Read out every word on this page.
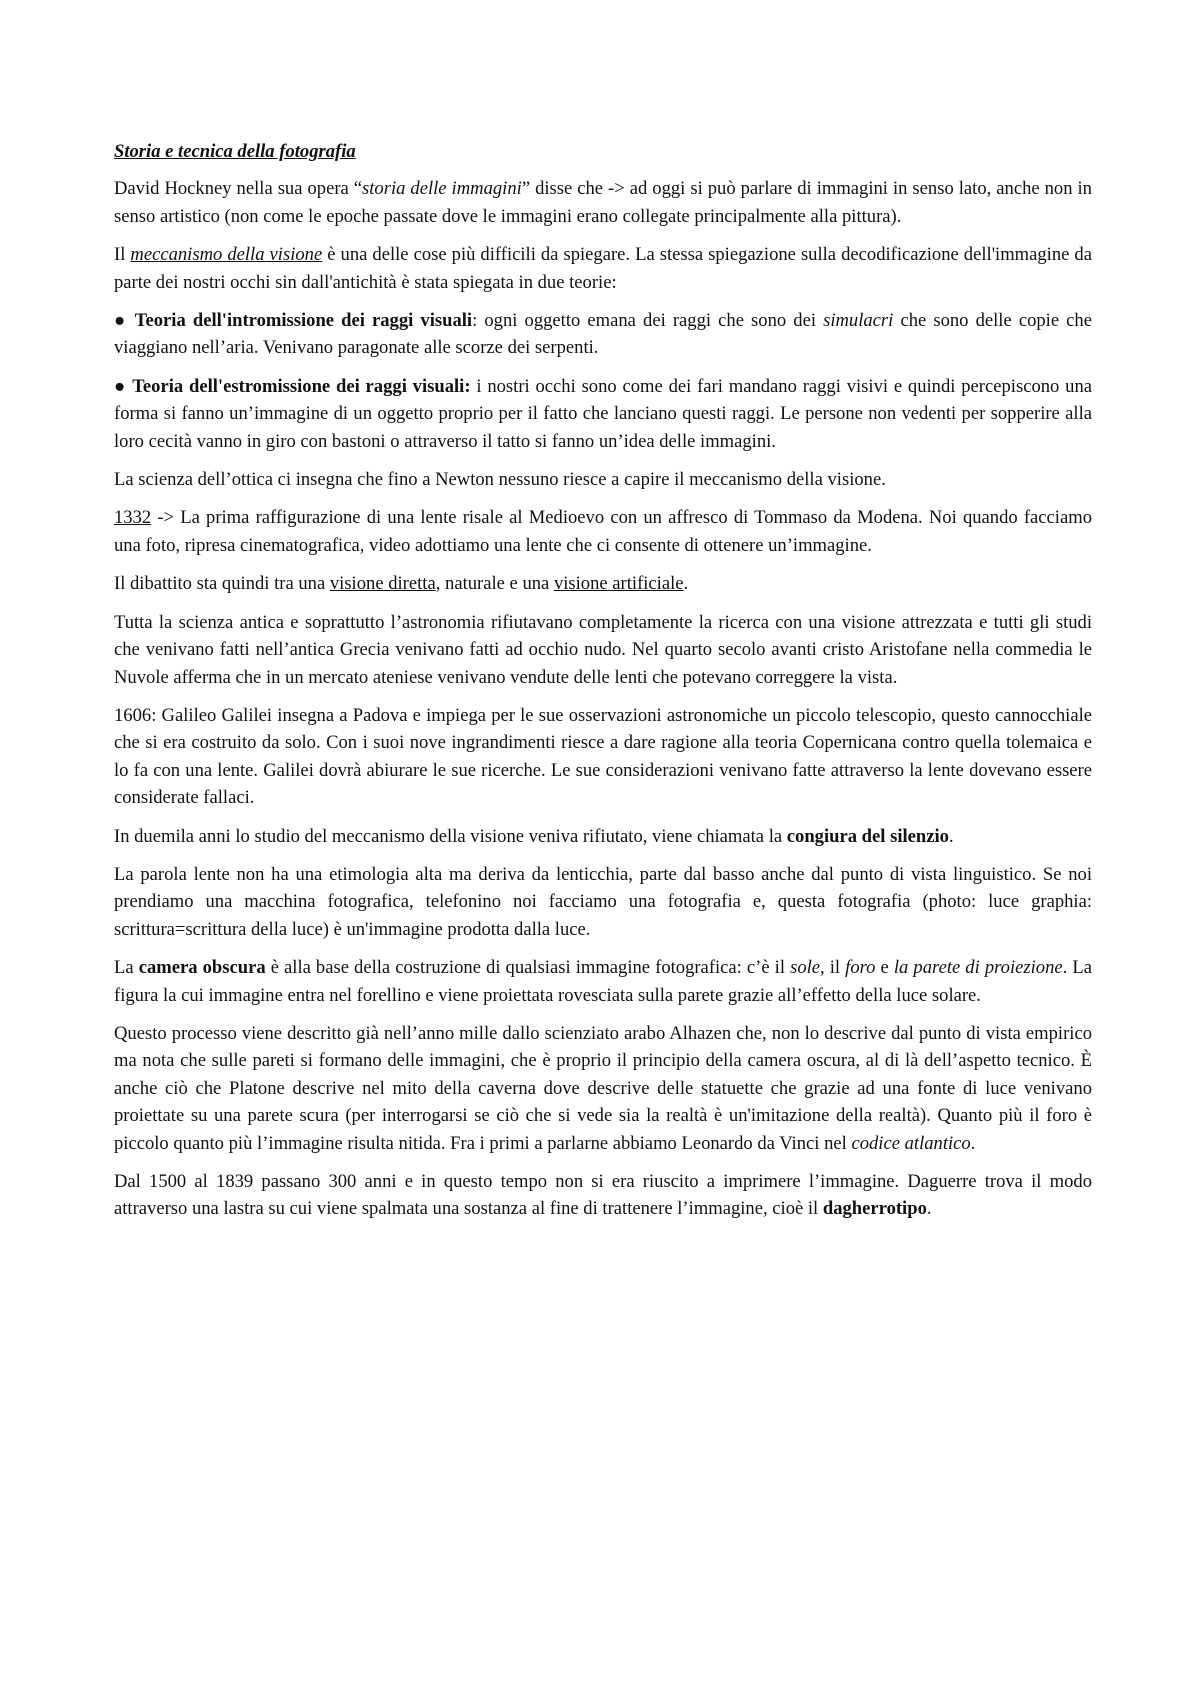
Storia e tecnica della fotografia

David Hockney nella sua opera “storia delle immagini” disse che -> ad oggi si può parlare di immagini in senso lato, anche non in senso artistico (non come le epoche passate dove le immagini erano collegate principalmente alla pittura).

Il meccanismo della visione è una delle cose più difficili da spiegare. La stessa spiegazione sulla decodificazione dell'immagine da parte dei nostri occhi sin dall'antichità è stata spiegata in due teorie:

● Teoria dell'intromissione dei raggi visuali: ogni oggetto emana dei raggi che sono dei simulacri che sono delle copie che viaggiano nell’aria. Venivano paragonate alle scorze dei serpenti.

● Teoria dell'estromissione dei raggi visuali: i nostri occhi sono come dei fari mandano raggi visivi e quindi percepiscono una forma si fanno un’immagine di un oggetto proprio per il fatto che lanciano questi raggi. Le persone non vedenti per sopperire alla loro cecità vanno in giro con bastoni o attraverso il tatto si fanno un’idea delle immagini.

La scienza dell’ottica ci insegna che fino a Newton nessuno riesce a capire il meccanismo della visione.

1332 -> La prima raffigurazione di una lente risale al Medioevo con un affresco di Tommaso da Modena. Noi quando facciamo una foto, ripresa cinematografica, video adottiamo una lente che ci consente di ottenere un’immagine.

Il dibattito sta quindi tra una visione diretta, naturale e una visione artificiale.

Tutta la scienza antica e soprattutto l’astronomia rifiutavano completamente la ricerca con una visione attrezzata e tutti gli studi che venivano fatti nell’antica Grecia venivano fatti ad occhio nudo. Nel quarto secolo avanti cristo Aristofane nella commedia le Nuvole afferma che in un mercato ateniese venivano vendute delle lenti che potevano correggere la vista.

1606: Galileo Galilei insegna a Padova e impiega per le sue osservazioni astronomiche un piccolo telescopio, questo cannocchiale che si era costruito da solo. Con i suoi nove ingrandimenti riesce a dare ragione alla teoria Copernicana contro quella tolemaica e lo fa con una lente. Galilei dovrà abiurare le sue ricerche. Le sue considerazioni venivano fatte attraverso la lente dovevano essere considerate fallaci.

In duemila anni lo studio del meccanismo della visione veniva rifiutato, viene chiamata la congiura del silenzio.

La parola lente non ha una etimologia alta ma deriva da lenticchia, parte dal basso anche dal punto di vista linguistico. Se noi prendiamo una macchina fotografica, telefonino noi facciamo una fotografia e, questa fotografia (photo: luce graphia: scrittura=scrittura della luce) è un'immagine prodotta dalla luce.

La camera obscura è alla base della costruzione di qualsiasi immagine fotografica: c’è il sole, il foro e la parete di proiezione. La figura la cui immagine entra nel forellino e viene proiettata rovesciata sulla parete grazie all’effetto della luce solare.

Questo processo viene descritto già nell’anno mille dallo scienziato arabo Alhazen che, non lo descrive dal punto di vista empirico ma nota che sulle pareti si formano delle immagini, che è proprio il principio della camera oscura, al di là dell’aspetto tecnico. È anche ciò che Platone descrive nel mito della caverna dove descrive delle statuette che grazie ad una fonte di luce venivano proiettate su una parete scura (per interrogarsi se ciò che si vede sia la realtà è un'imitazione della realtà). Quanto più il foro è piccolo quanto più l’immagine risulta nitida. Fra i primi a parlarne abbiamo Leonardo da Vinci nel codice atlantico.

Dal 1500 al 1839 passano 300 anni e in questo tempo non si era riuscito a imprimere l’immagine. Daguerre trova il modo attraverso una lastra su cui viene spalmata una sostanza al fine di trattenere l’immagine, cioè il dagherrotipo.
